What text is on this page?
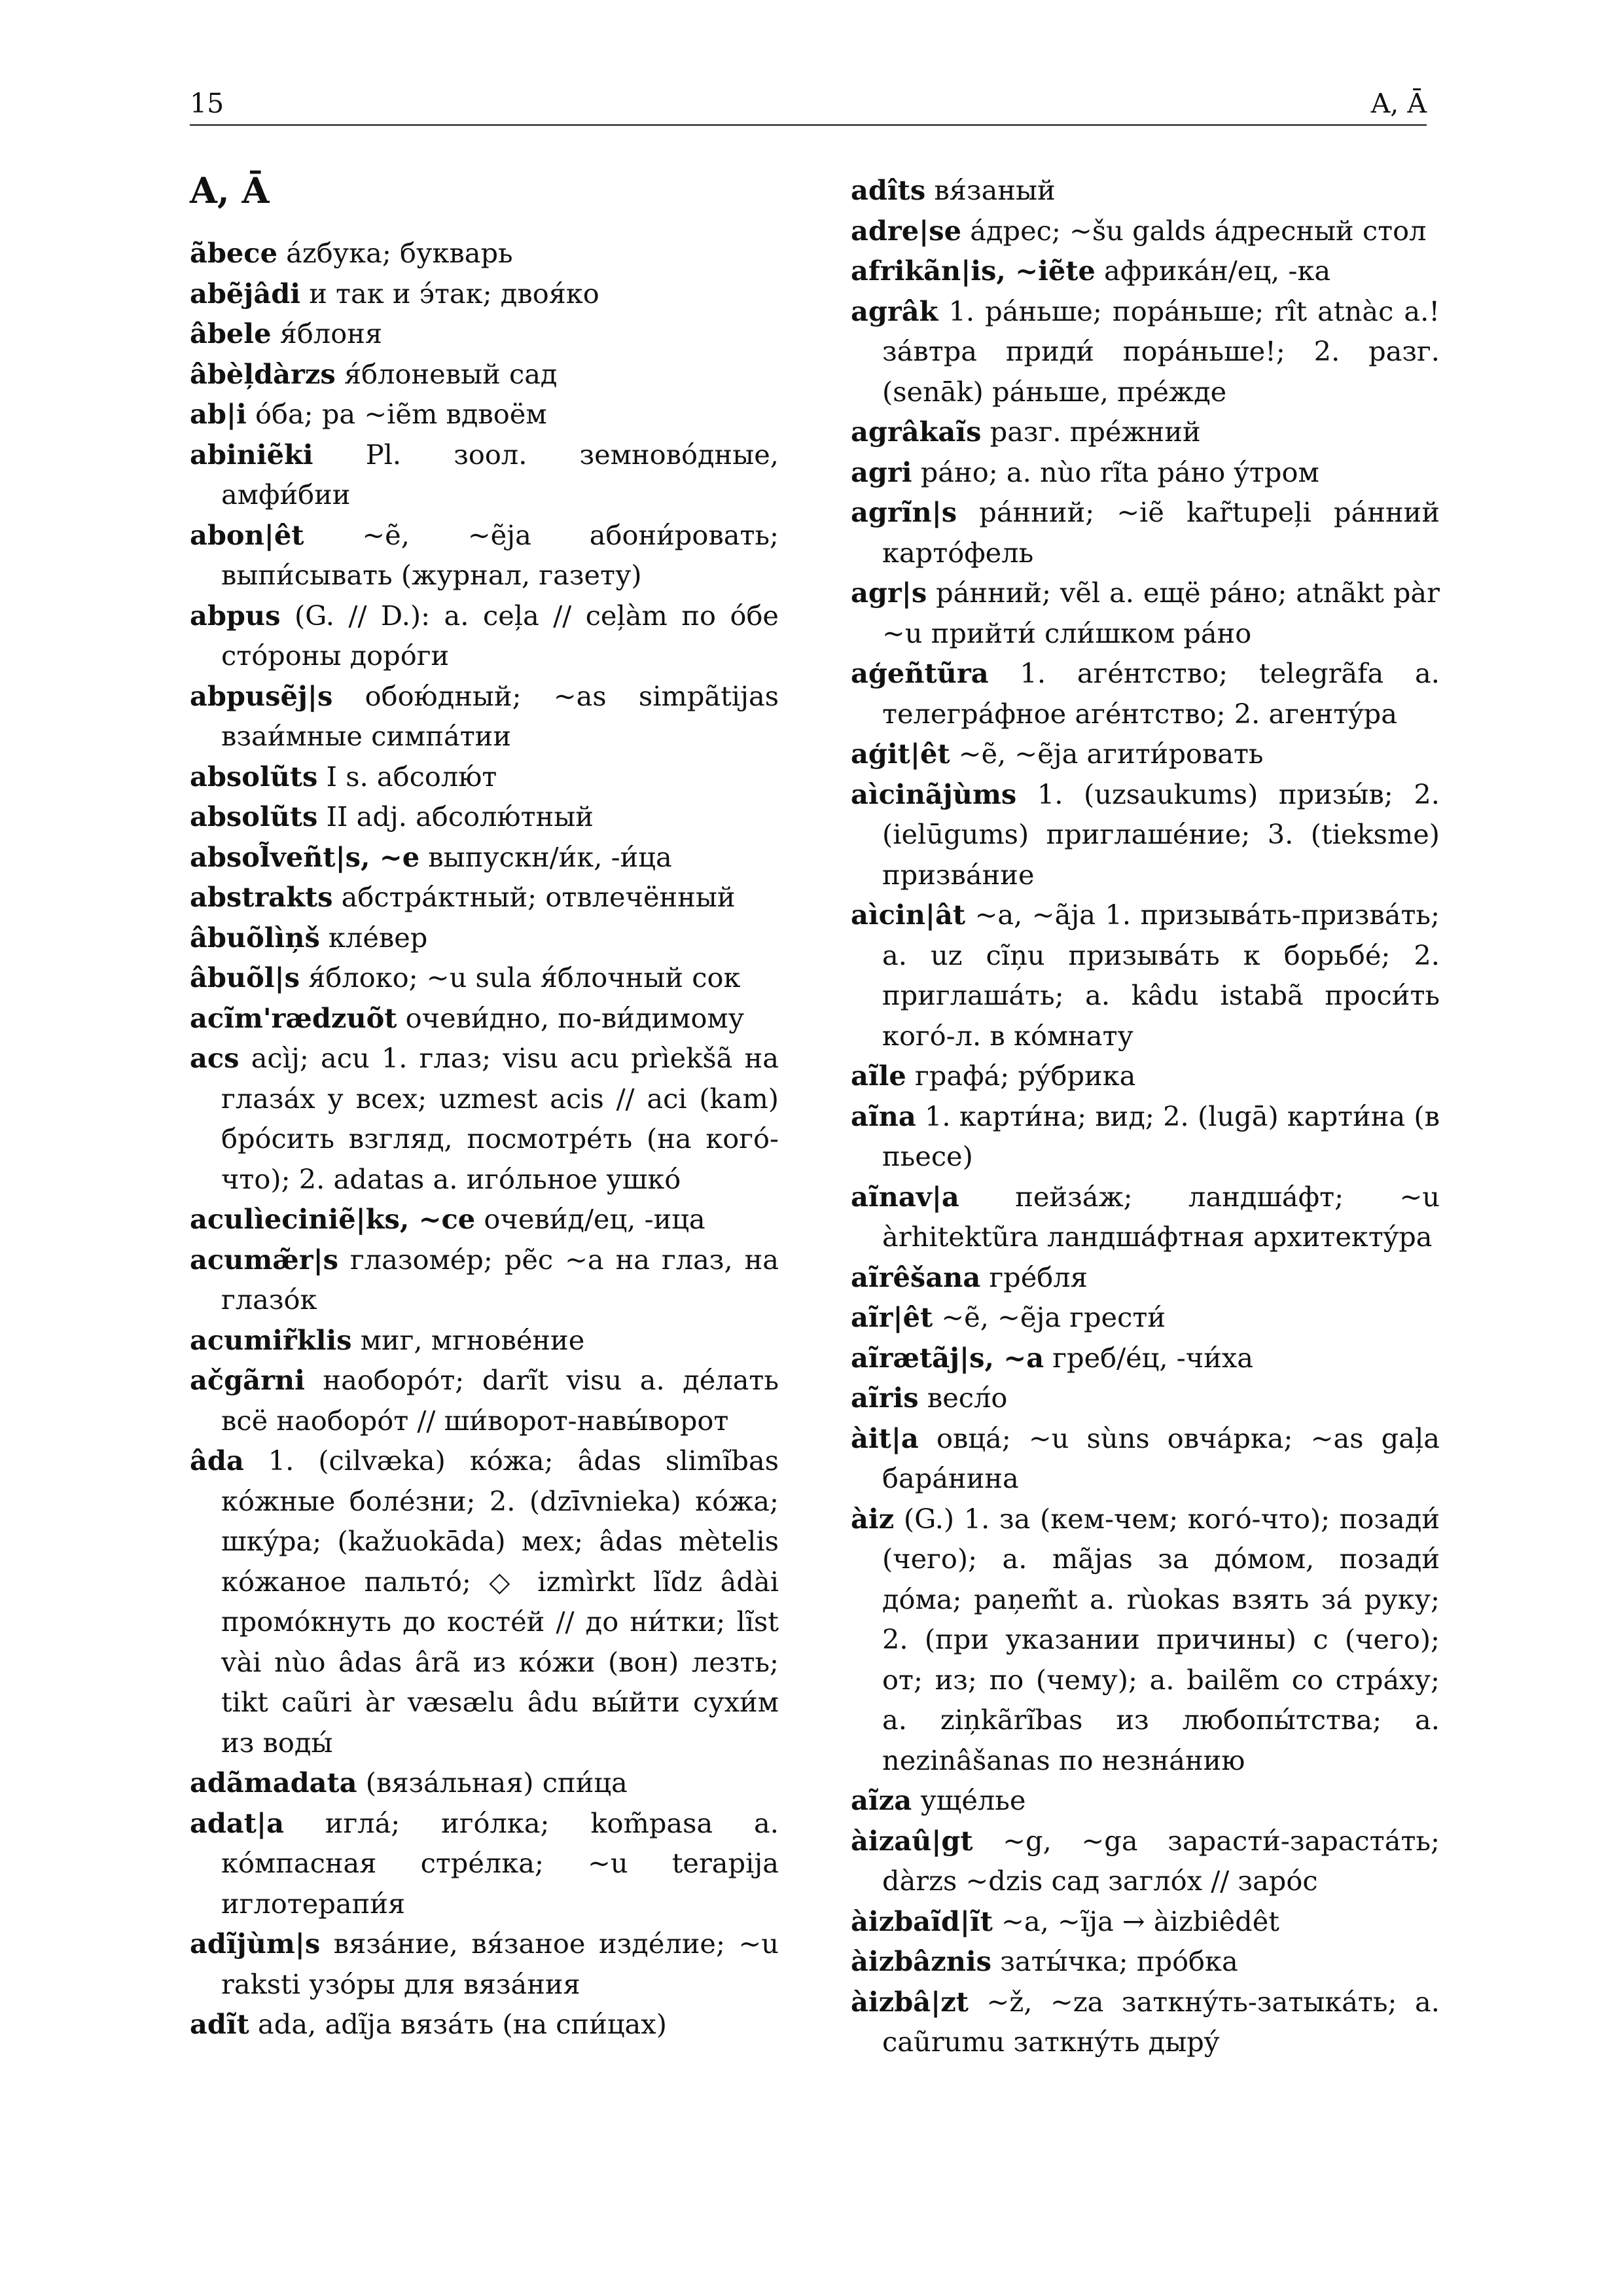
15	A, Ā
A, Ā
ãbece ázбука; букварь
abẽjâdi и так и э́так; двоя́ко
âbele я́блоня
âbèļdàrzs я́блоневый сад
ab|i óба; pa ~iẽm вдвоём
abiniẽki Pl. зоол. земново́дные, амфи́бии
abon|êt ~ẽ, ~ẽja абони́ровать; выпи́сывать (журнал, газету)
abpus (G. // D.): a. ceļa // ceļàm по óбе стóроны дорóги
abpusẽj|s обою́дный; ~as simpãtijas взаи́мные симпáтии
absolũts I s. абсолю́т
absolũts II adj. абсолю́тный
absol̃veñt|s, ~e выпускн/и́к, -и́ца
abstrakts абстрáктный; отвлечённый
âbuõlìņš клéвер
âbuõl|s я́блоко; ~u sula я́блочный сок
acĩm'rædzuõt очеви́дно, по-ви́димому
acs acìj; acu 1. глаз; visu acu prìekšã на глазáх у всех; uzmest acis // aci (kam) брóсить взгляд, посмотрéть (на когó-что); 2. adatas a. игóльное ушкó
aculìeciniẽ|ks, ~ce очеви́д/ец, -ица
acumæ̃r|s глазомéр; pẽc ~a на глаз, на глазóк
acumir̃klis миг, мгновéние
ačgãrni наоборóт; darĩt visu a. дéлать всё наоборóт // ши́ворот-навы́ворот
âda 1. (cilvæka) кóжа; âdas slimĩbas кóжные болéзни; 2. (dzīvnieka) кóжа; шкýра; (kažuokāda) мех; âdas mètelis кóжаное пальтó; ◇ izmìrkt lĩdz âdài промóкнуть до костéй // до ни́тки; lĩst vài nùo âdas ârã из кóжи (вон) лезть; tikt caũri àr væsælu âdu вы́йти сухи́м из воды́
adãmadata (вязáльная) спи́ца
adat|a иглá; игóлка; kom̃pasa a. кóмпасная стрéлка; ~u terapija иглотерапи́я
adĩjùm|s вязáние, вя́заное издéлие; ~u raksti узóры для вязáния
adĩt ada, adĩja вязáть (на спи́цах)
adîts вя́заный
adre|se áдрес; ~šu galds áдресный стол
afrikãn|is, ~iẽte африкáн/ец, -ка
agrâk 1. рáньше; порáньше; rît atnàc a.! зáвтра приди́ порáньше!; 2. разг. (senāk) рáньше, прéжде
agrâkaĩs разг. прéжний
agri рáно; a. nùo rĩta рáно ýтром
agrĩn|s рáнний; ~iẽ kar̃tupeļi рáнний картóфель
agr|s рáнний; vẽl a. ещё рáно; atnãkt pàr ~u прийти́ сли́шком рáно
aģeñtũra 1. агéнтство; telegrãfa a. телегрáфное агéнтство; 2. агентýра
aģit|êt ~ẽ, ~ẽja агити́ровать
aìcinãjùms 1. (uzsaukums) призы́в; 2. (ielūgums) приглашéние; 3. (tieksme) призвáние
aìcin|ât ~a, ~ãja 1. призывáть-призвáть; a. uz cĩņu призывáть к борьбé; 2. приглашáть; a. kâdu istabã проси́ть когó-л. в кóмнату
aĩle графá; рýбрика
aĩna 1. карти́на; вид; 2. (lugā) карти́на (в пьесе)
aĩnav|a пейзáж; ландшáфт; ~u àrhitektũra ландшáфтная архитектýра
aĩrêšana грéбля
aĩr|êt ~ẽ, ~ẽja грести́
aĩrætãj|s, ~a греб/éц, -чи́ха
aĩris весл́о
àit|a овцá; ~u sùns овчáрка; ~as gaļa барáнина
àiz (G.) 1. за (кем-чем; когó-что); позади́ (чего); a. mãjas за дóмом, позади́ дóма; paņem̃t a. rùokas взять зá руку; 2. (при указании причины) с (чего); от; из; по (чему); a. bailẽm со стрáху; a. ziņkãrĩbas из любопы́тства; a. nezinâšanas по незнáнию
aĩza ущéлье
àizaû|gt ~g, ~ga зарасти́-зарастáть; dàrzs ~dzis сад заглóх // зарóс
àizbaĩd|ĩt ~a, ~ĩja → àizbiêdêt
àizbâznis заты́чка; прóбка
àizbâ|zt ~ž, ~za заткнýть-затыкáть; a. caũrumu заткнýть дырý
